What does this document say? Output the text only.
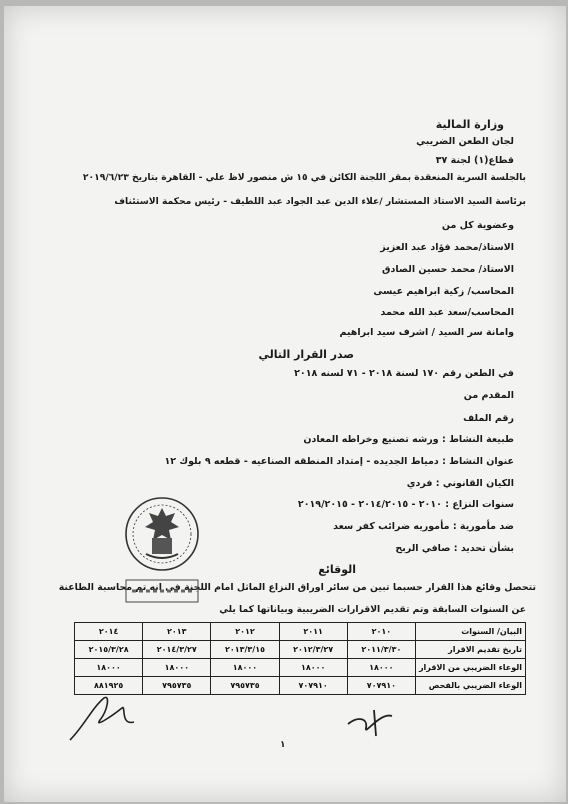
وزارة المالية
لجان الطعن الضريبي
قطاع(١) لجنة ٣٧
بالجلسة السرية المنعقدة بمقر اللجنة الكائن في ١٥ ش منصور لاظ علي - القاهرة بتاريخ ٢٠١٩/٦/٢٣
برئاسة السيد الاستاذ المستشار /علاء الدين عبد الجواد عبد اللطيف - رئيس محكمة الاستئناف
وعضوية كل من
الاستاذ/محمد فؤاد عبد العزيز
الاستاذ/ محمد حسين الصادق
المحاسب/ زكية ابراهيم عيسى
المحاسب/سعد عبد الله محمد
وامانة سر السيد / اشرف سيد ابراهيم
صدر القرار التالي
في الطعن رقم ١٧٠ لسنة ٢٠١٨ - ٧١ لسنه ٢٠١٨
المقدم من
رقم الملف
طبيعة النشاط : ورشه تصنيع وخراطه المعادن
عنوان النشاط : دمياط الجديده - إمتداد المنطقه الصناعيه - قطعه ٩ بلوك ١٢
الكيان القانوني : فردي
سنوات النزاع : ٢٠١٠ - ٢٠١٤/٢٠١٥ - ٢٠١٩/٢٠١٥
ضد مأمورية : مأموريه ضرائب كفر سعد
بشأن تحديد : صافي الربح
الوقائع
تتحصل وقائع هذا القرار حسبما تبين من سائر اوراق النزاع الماثل امام اللجنة في انه تم محاسبة الطاعنة
عن السنوات السابقة وتم تقديم الاقرارات الضريبية وبياناتها كما يلي
البيان/ السنوات	٢٠١٠	٢٠١١	٢٠١٢	٢٠١٣	٢٠١٤
تاريخ تقديم الاقرار	٢٠١١/٣/٣٠	٢٠١٢/٣/٢٧	٢٠١٣/٣/١٥	٢٠١٤/٣/٢٧	٢٠١٥/٣/٢٨
الوعاء الضريبي من الاقرار	١٨٠٠٠	١٨٠٠٠	١٨٠٠٠	١٨٠٠٠	١٨٠٠٠
الوعاء الضريبي بالفحص	٧٠٧٩١٠	٧٠٧٩١٠	٧٩٥٧٣٥	٧٩٥٧٣٥	٨٨١٩٢٥
١
